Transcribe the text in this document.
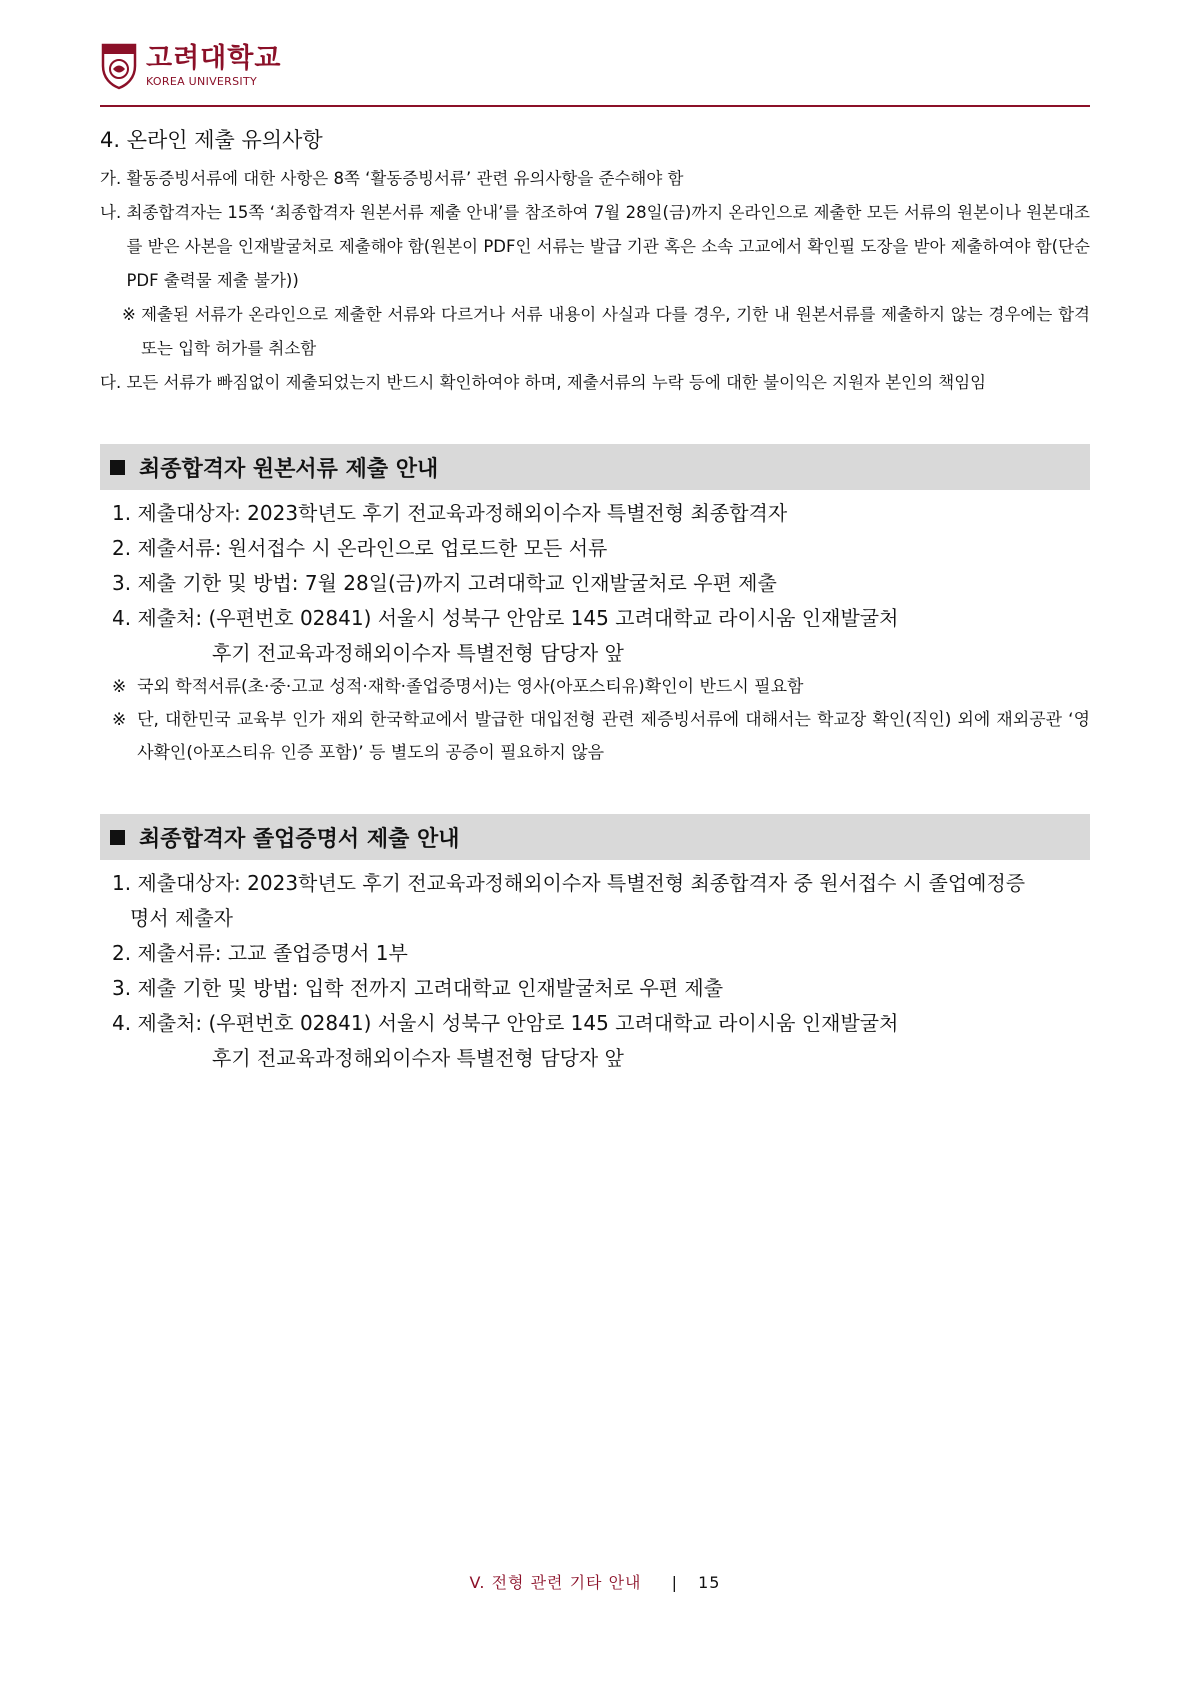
고려대학교
KOREA UNIVERSITY
4. 온라인 제출 유의사항
가. 활동증빙서류에 대한 사항은 8쪽 ‘활동증빙서류’ 관련 유의사항을 준수해야 함
나. 최종합격자는 15쪽 ‘최종합격자 원본서류 제출 안내’를 참조하여 7월 28일(금)까지 온라인으로 제출한 모든 서류의 원본이나 원본대조를 받은 사본을 인재발굴처로 제출해야 함(원본이 PDF인 서류는 발급 기관 혹은 소속 고교에서 확인필 도장을 받아 제출하여야 함(단순 PDF 출력물 제출 불가))
※ 제출된 서류가 온라인으로 제출한 서류와 다르거나 서류 내용이 사실과 다를 경우, 기한 내 원본서류를 제출하지 않는 경우에는 합격 또는 입학 허가를 취소함
다. 모든 서류가 빠짐없이 제출되었는지 반드시 확인하여야 하며, 제출서류의 누락 등에 대한 불이익은 지원자 본인의 책임임
최종합격자 원본서류 제출 안내
1. 제출대상자: 2023학년도 후기 전교육과정해외이수자 특별전형 최종합격자
2. 제출서류: 원서접수 시 온라인으로 업로드한 모든 서류
3. 제출 기한 및 방법: 7월 28일(금)까지 고려대학교 인재발굴처로 우편 제출
4. 제출처: (우편번호 02841) 서울시 성북구 안암로 145 고려대학교 라이시움 인재발굴처
후기 전교육과정해외이수자 특별전형 담당자 앞
※ 국외 학적서류(초·중·고교 성적·재학·졸업증명서)는 영사(아포스티유)확인이 반드시 필요함
※ 단, 대한민국 교육부 인가 재외 한국학교에서 발급한 대입전형 관련 제증빙서류에 대해서는 학교장 확인(직인) 외에 재외공관 ‘영사확인(아포스티유 인증 포함)’ 등 별도의 공증이 필요하지 않음
최종합격자 졸업증명서 제출 안내
1. 제출대상자: 2023학년도 후기 전교육과정해외이수자 특별전형 최종합격자 중 원서접수 시 졸업예정증
명서 제출자
2. 제출서류: 고교 졸업증명서 1부
3. 제출 기한 및 방법: 입학 전까지 고려대학교 인재발굴처로 우편 제출
4. 제출처: (우편번호 02841) 서울시 성북구 안암로 145 고려대학교 라이시움 인재발굴처
후기 전교육과정해외이수자 특별전형 담당자 앞
V. 전형 관련 기타 안내 | 15
